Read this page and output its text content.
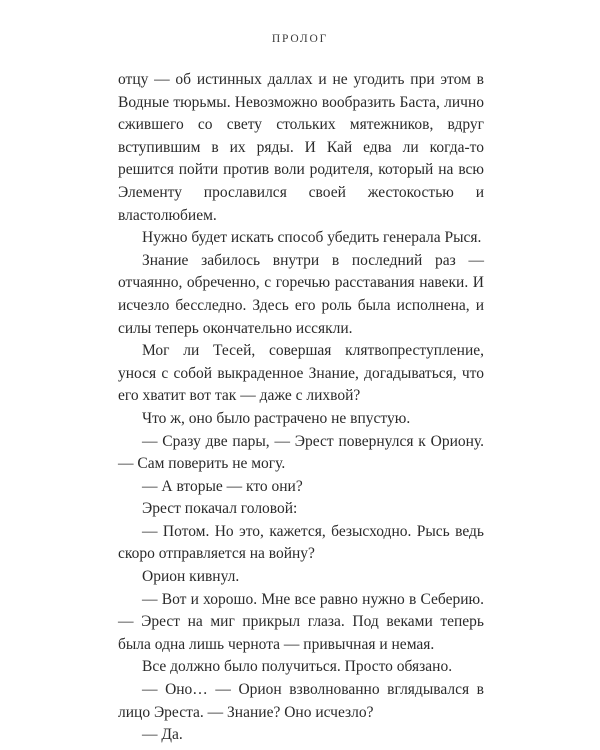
ПРОЛОГ

отцу — об истинных даллах и не угодить при этом в Водные тюрьмы. Невозможно вообразить Баста, лично сжившего со свету стольких мятежников, вдруг вступившим в их ряды. И Кай едва ли когда-то решится пойти против воли родителя, который на всю Элементу прославился своей жестокостью и властолюбием.

Нужно будет искать способ убедить генерала Рыся.

Знание забилось внутри в последний раз — отчаянно, обреченно, с горечью расставания навеки. И исчезло бесследно. Здесь его роль была исполнена, и силы теперь окончательно иссякли.

Мог ли Тесей, совершая клятвопреступление, унося с собой выкраденное Знание, догадываться, что его хватит вот так — даже с лихвой?

Что ж, оно было растрачено не впустую.

— Сразу две пары, — Эрест повернулся к Ориону. — Сам поверить не могу.

— А вторые — кто они?

Эрест покачал головой:

— Потом. Но это, кажется, безысходно. Рысь ведь скоро отправляется на войну?

Орион кивнул.

— Вот и хорошо. Мне все равно нужно в Себерию. — Эрест на миг прикрыл глаза. Под веками теперь была одна лишь чернота — привычная и немая.

Все должно было получиться. Просто обязано.

— Оно… — Орион взволнованно вглядывался в лицо Эреста. — Знание? Оно исчезло?

— Да.
